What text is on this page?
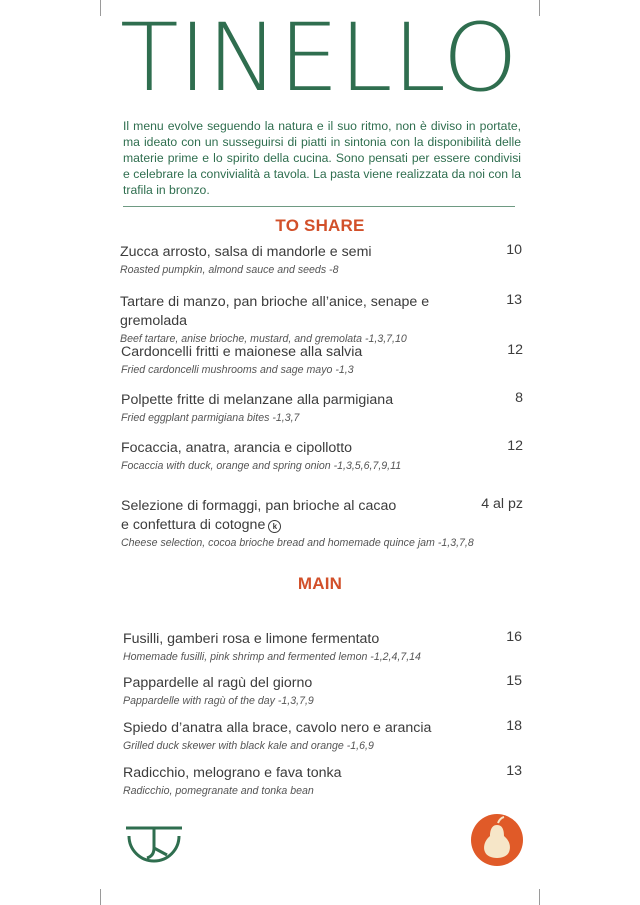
TINELLO

Il menu evolve seguendo la natura e il suo ritmo, non è diviso in portate, ma ideato con un susseguirsi di piatti in sintonia con la disponibilità delle materie prime e lo spirito della cucina. Sono pensati per essere condivisi e celebrare la convivialità a tavola. La pasta viene realizzata da noi con la trafila in bronzo.

TO SHARE

Zucca arrosto, salsa di mandorle e semi

Roasted pumpkin, almond sauce and seeds -8

10

Tartare di manzo, pan brioche all’anice, senape e gremolada

Beef tartare, anise brioche, mustard, and gremolata -1,3,7,10

13

Cardoncelli fritti e maionese alla salvia

Fried cardoncelli mushrooms and sage mayo -1,3

12

Polpette fritte di melanzane alla parmigiana

Fried eggplant parmigiana bites -1,3,7

8

Focaccia, anatra, arancia e cipollotto

Focaccia with duck, orange and spring onion -1,3,5,6,7,9,11

12

Selezione di formaggi, pan brioche al cacao e confettura di cotogne k

Cheese selection, cocoa brioche bread and homemade quince jam -1,3,7,8

4 al pz
MAIN

Fusilli, gamberi rosa e limone fermentato

Homemade fusilli, pink shrimp and fermented lemon -1,2,4,7,14

16

Pappardelle al ragù del giorno

Pappardelle with ragù of the day -1,3,7,9

15

Spiedo d’anatra alla brace, cavolo nero e arancia

Grilled duck skewer with black kale and orange -1,6,9

18

Radicchio, melograno e fava tonka

Radicchio, pomegranate and tonka bean

13
